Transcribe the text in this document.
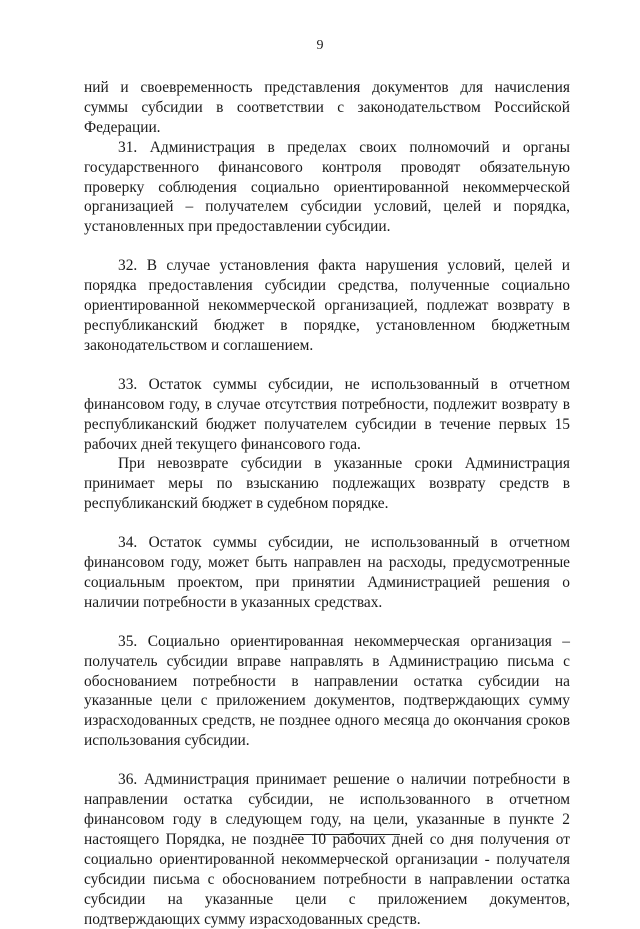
9

ний и своевременность представления документов для начисления суммы субсидии в соответствии с законодательством Российской Федерации.

31. Администрация в пределах своих полномочий и органы государственного финансового контроля проводят обязательную проверку соблюдения социально ориентированной некоммерческой организацией – получателем субсидии условий, целей и порядка, установленных при предоставлении субсидии.

32. В случае установления факта нарушения условий, целей и порядка предоставления субсидии средства, полученные социально ориентированной некоммерческой организацией, подлежат возврату в республиканский бюджет в порядке, установленном бюджетным законодательством и соглашением.

33. Остаток суммы субсидии, не использованный в отчетном финансовом году, в случае отсутствия потребности, подлежит возврату в республиканский бюджет получателем субсидии в течение первых 15 рабочих дней текущего финансового года.

При невозврате субсидии в указанные сроки Администрация принимает меры по взысканию подлежащих возврату средств в республиканский бюджет в судебном порядке.

34. Остаток суммы субсидии, не использованный в отчетном финансовом году, может быть направлен на расходы, предусмотренные социальным проектом, при принятии Администрацией решения о наличии потребности в указанных средствах.

35. Социально ориентированная некоммерческая организация – получатель субсидии вправе направлять в Администрацию письма с обоснованием потребности в направлении остатка субсидии на указанные цели с приложением документов, подтверждающих сумму израсходованных средств, не позднее одного месяца до окончания сроков использования субсидии.

36. Администрация принимает решение о наличии потребности в направлении остатка субсидии, не использованного в отчетном финансовом году в следующем году, на цели, указанные в пункте 2 настоящего Порядка, не позднее 10 рабочих дней со дня получения от социально ориентированной некоммерческой организации - получателя субсидии письма с обоснованием потребности в направлении остатка субсидии на указанные цели с приложением документов, подтверждающих сумму израсходованных средств.
